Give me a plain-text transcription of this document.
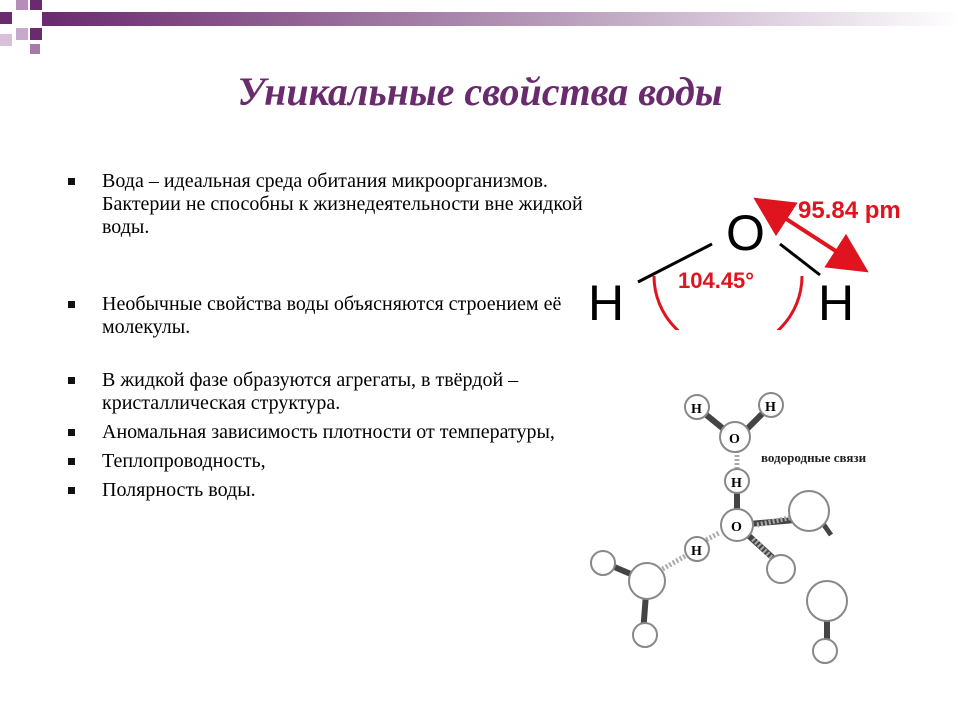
Уникальные свойства воды
Вода – идеальная среда обитания микроорганизмов. Бактерии не способны к жизнедеятельности вне жидкой воды.
Необычные свойства воды объясняются строением её молекулы.
В жидкой фазе образуются агрегаты, в твёрдой – кристаллическая структура.
Аномальная зависимость плотности от температуры,
Теплопроводность,
Полярность воды.
O
H	H
104.45°
95.84 pm
H	H
O
H
O
H
водородные связи
